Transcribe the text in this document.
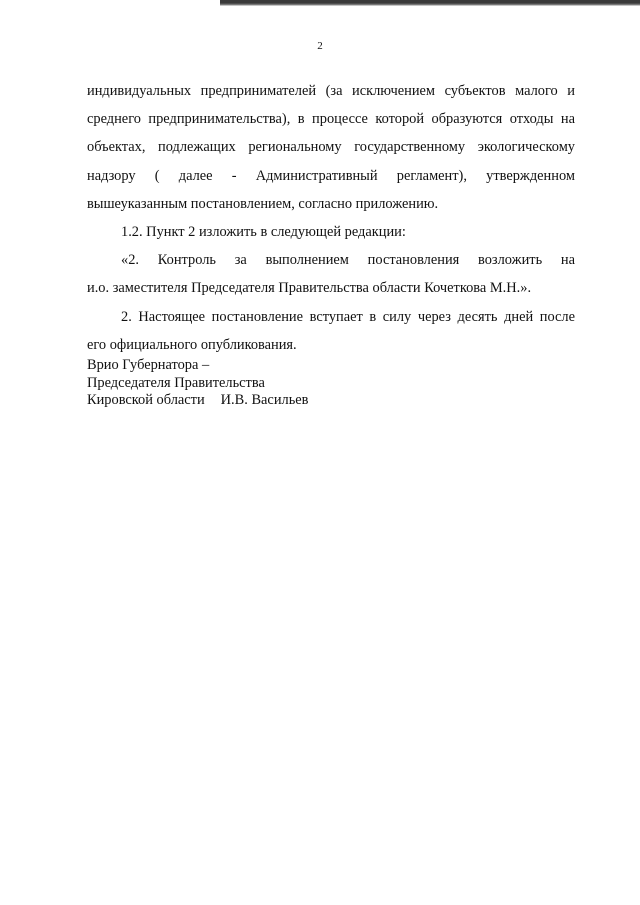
2
индивидуальных предпринимателей (за исключением субъектов малого и
среднего предпринимательства), в процессе которой образуются отходы на
объектах, подлежащих региональному государственному экологическому
надзору ( далее - Административный регламент), утвержденном
вышеуказанным постановлением, согласно приложению.
1.2. Пункт 2 изложить в следующей редакции:
«2. Контроль за выполнением постановления возложить на
и.о. заместителя Председателя Правительства области Кочеткова М.Н.».
2. Настоящее постановление вступает в силу через десять дней после
его официального опубликования.
Врио Губернатора –
Председателя Правительства
Кировской области И.В. Васильев
